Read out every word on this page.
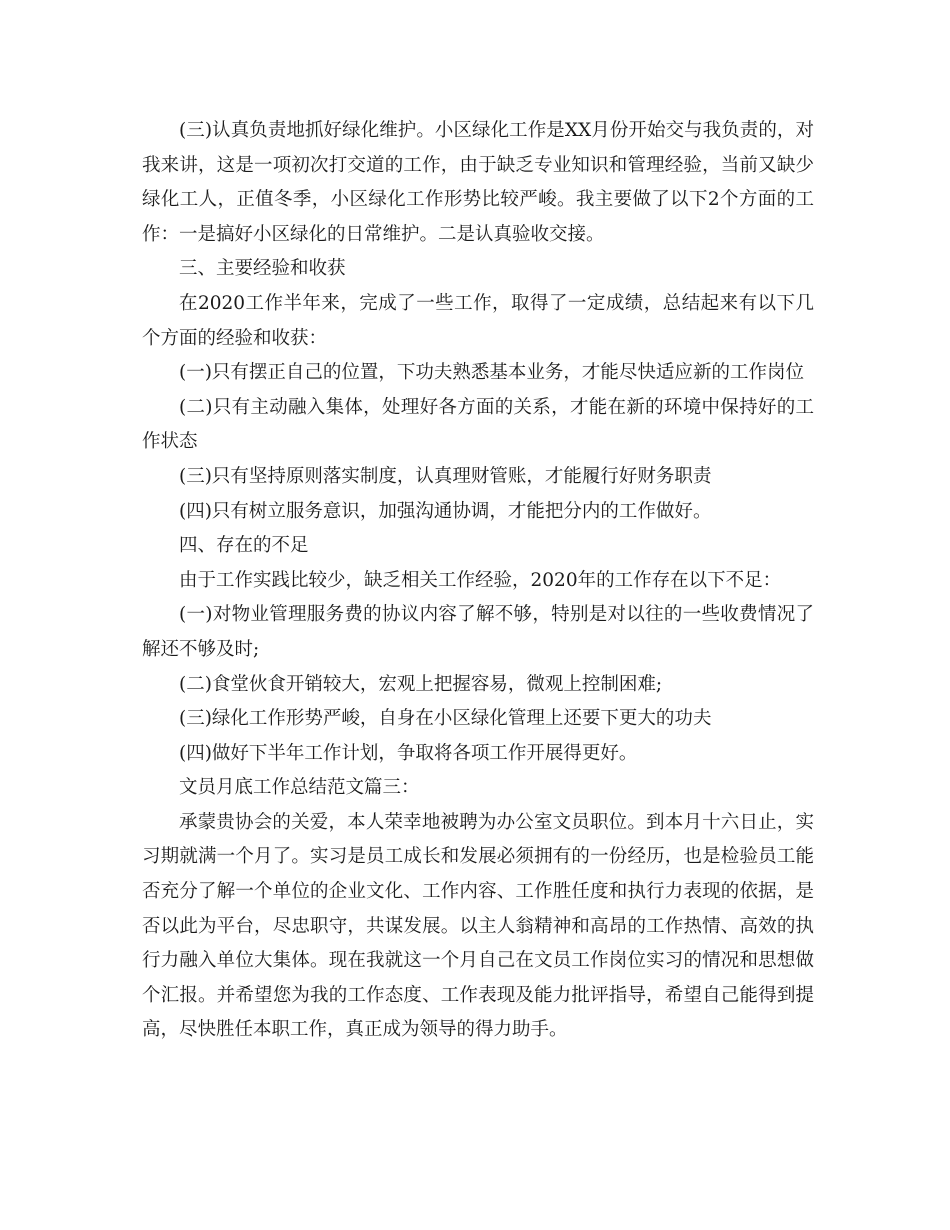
(三)认真负责地抓好绿化维护。小区绿化工作是XX月份开始交与我负责的，对我来讲，这是一项初次打交道的工作，由于缺乏专业知识和管理经验，当前又缺少绿化工人，正值冬季，小区绿化工作形势比较严峻。我主要做了以下2个方面的工作：一是搞好小区绿化的日常维护。二是认真验收交接。

三、主要经验和收获

在2020工作半年来，完成了一些工作，取得了一定成绩，总结起来有以下几个方面的经验和收获：

(一)只有摆正自己的位置，下功夫熟悉基本业务，才能尽快适应新的工作岗位

(二)只有主动融入集体，处理好各方面的关系，才能在新的环境中保持好的工作状态

(三)只有坚持原则落实制度，认真理财管账，才能履行好财务职责

(四)只有树立服务意识，加强沟通协调，才能把分内的工作做好。

四、存在的不足

由于工作实践比较少，缺乏相关工作经验，2020年的工作存在以下不足：

(一)对物业管理服务费的协议内容了解不够，特别是对以往的一些收费情况了解还不够及时;

(二)食堂伙食开销较大，宏观上把握容易，微观上控制困难;

(三)绿化工作形势严峻，自身在小区绿化管理上还要下更大的功夫

(四)做好下半年工作计划，争取将各项工作开展得更好。

文员月底工作总结范文篇三：

承蒙贵协会的关爱，本人荣幸地被聘为办公室文员职位。到本月十六日止，实习期就满一个月了。实习是员工成长和发展必须拥有的一份经历，也是检验员工能否充分了解一个单位的企业文化、工作内容、工作胜任度和执行力表现的依据，是否以此为平台，尽忠职守，共谋发展。以主人翁精神和高昂的工作热情、高效的执行力融入单位大集体。现在我就这一个月自己在文员工作岗位实习的情况和思想做个汇报。并希望您为我的工作态度、工作表现及能力批评指导，希望自己能得到提高，尽快胜任本职工作，真正成为领导的得力助手。
